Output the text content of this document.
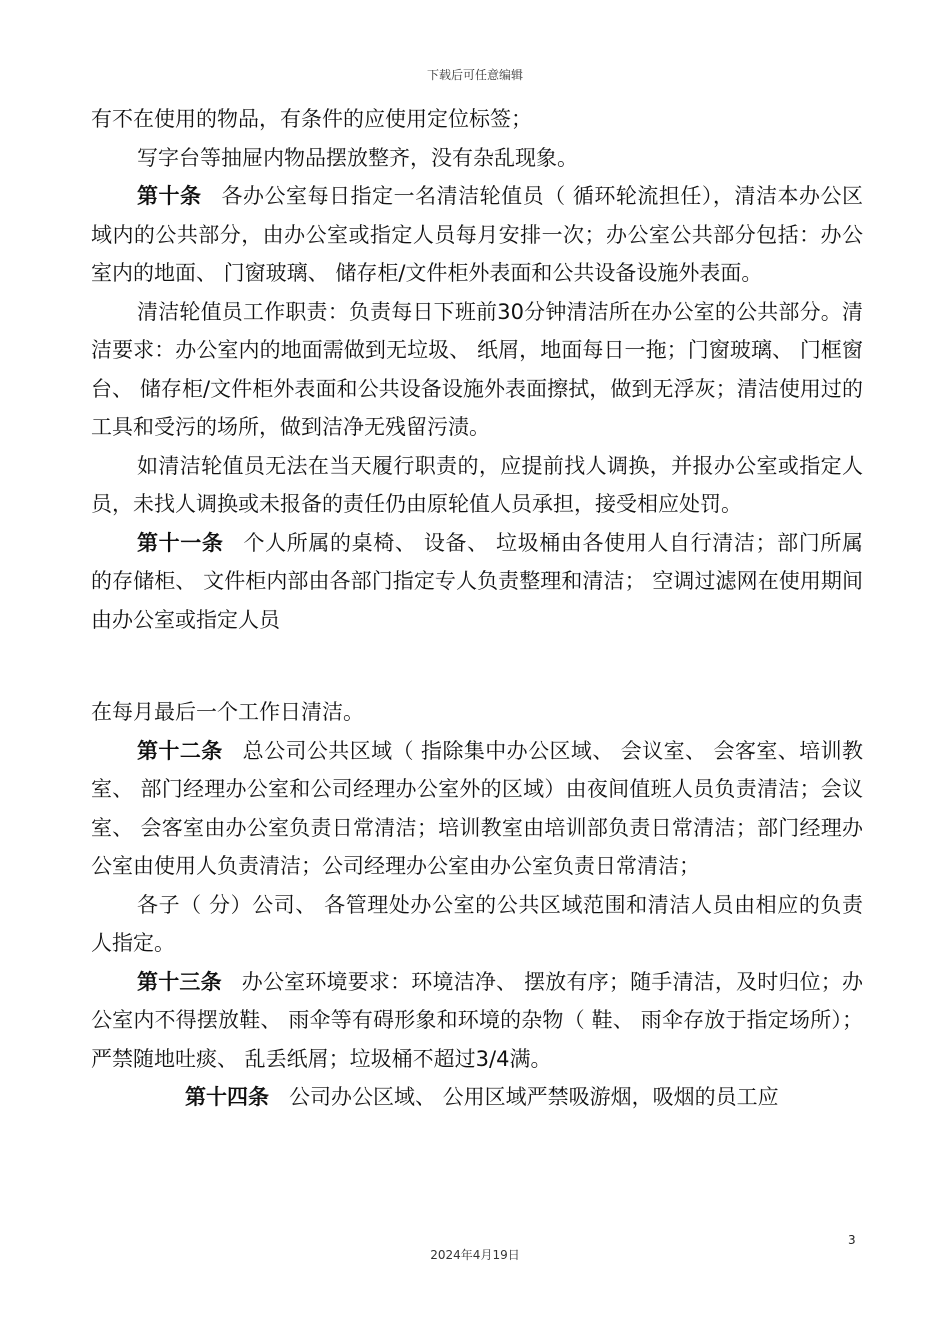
下载后可任意编辑

有不在使用的物品，有条件的应使用定位标签；

写字台等抽屉内物品摆放整齐，没有杂乱现象。

第十条 各办公室每日指定一名清洁轮值员（ 循环轮流担任），清洁本办公区域内的公共部分，由办公室或指定人员每月安排一次；办公室公共部分包括：办公室内的地面、 门窗玻璃、 储存柜/文件柜外表面和公共设备设施外表面。

清洁轮值员工作职责：负责每日下班前30分钟清洁所在办公室的公共部分。清洁要求：办公室内的地面需做到无垃圾、 纸屑，地面每日一拖；门窗玻璃、 门框窗台、 储存柜/文件柜外表面和公共设备设施外表面擦拭，做到无浮灰；清洁使用过的工具和受污的场所，做到洁净无残留污渍。

如清洁轮值员无法在当天履行职责的，应提前找人调换，并报办公室或指定人员，未找人调换或未报备的责任仍由原轮值人员承担，接受相应处罚。

第十一条 个人所属的桌椅、 设备、 垃圾桶由各使用人自行清洁；部门所属的存储柜、 文件柜内部由各部门指定专人负责整理和清洁； 空调过滤网在使用期间由办公室或指定人员

在每月最后一个工作日清洁。

第十二条 总公司公共区域（ 指除集中办公区域、 会议室、 会客室、培训教室、 部门经理办公室和公司经理办公室外的区域）由夜间值班人员负责清洁；会议室、 会客室由办公室负责日常清洁；培训教室由培训部负责日常清洁；部门经理办公室由使用人负责清洁；公司经理办公室由办公室负责日常清洁；

各子（ 分）公司、 各管理处办公室的公共区域范围和清洁人员由相应的负责人指定。

第十三条 办公室环境要求：环境洁净、 摆放有序；随手清洁，及时归位；办公室内不得摆放鞋、 雨伞等有碍形象和环境的杂物（ 鞋、 雨伞存放于指定场所）；严禁随地吐痰、 乱丢纸屑；垃圾桶不超过3/4满。

第十四条 公司办公区域、 公用区域严禁吸游烟，吸烟的员工应

3
2024年4月19日
